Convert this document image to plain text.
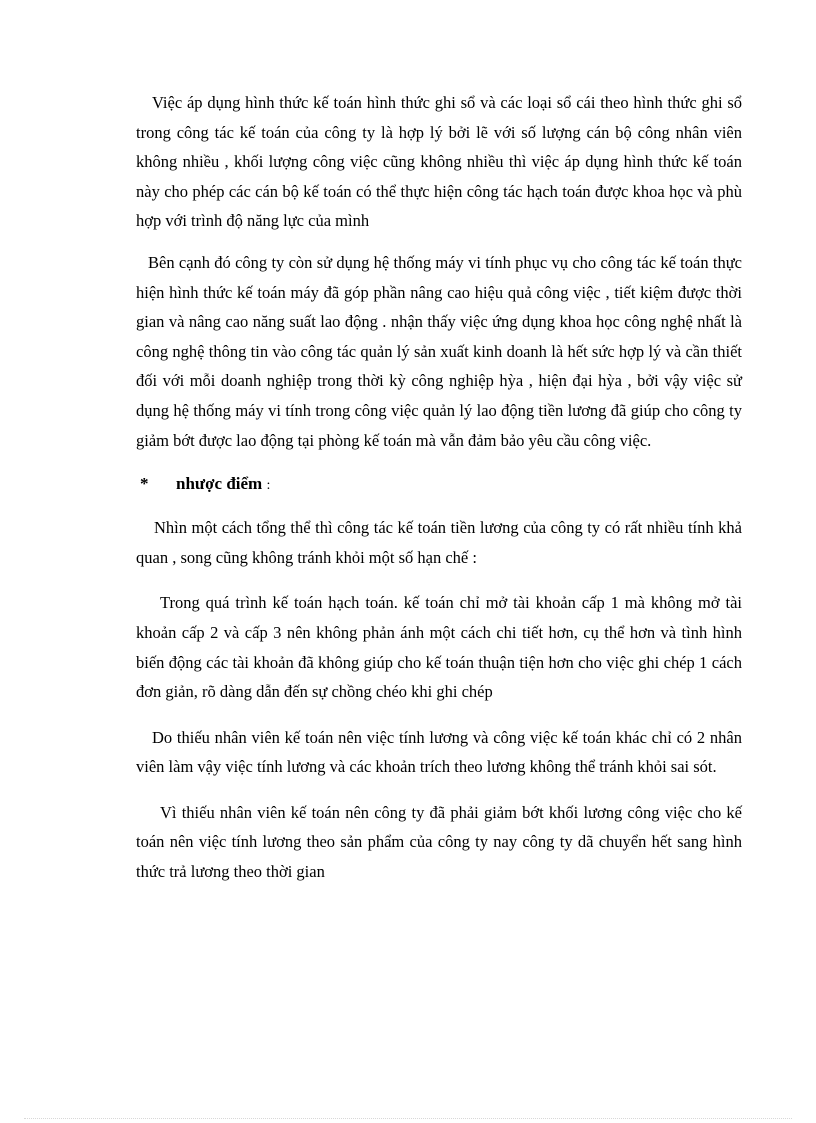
Việc áp dụng hình thức kế toán hình thức ghi sổ và các loại sổ cái theo hình thức ghi sổ trong công tác kế toán của công ty là hợp lý bởi lẽ với số lượng cán bộ công nhân viên không nhiều , khối lượng công việc cũng không nhiều thì việc áp dụng hình thức kế toán này cho phép các cán bộ kế toán có thể thực hiện công tác hạch toán được khoa học và phù hợp với trình độ năng lực của mình

Bên cạnh đó công ty còn sử dụng hệ thống máy vi tính phục vụ cho công tác kế toán thực hiện hình thức kế toán máy đã góp phần nâng cao hiệu quả công việc , tiết kiệm được thời gian và nâng cao năng suất lao động . nhận thấy việc ứng dụng khoa học công nghệ nhất là công nghệ thông tin vào công tác quản lý sản xuất kinh doanh là hết sức hợp lý và cần thiết đối với mỗi doanh nghiệp trong thời kỳ công nghiệp hỳa , hiện đại hỳa , bởi vậy việc sử dụng hệ thống máy vi tính trong công việc quản lý lao động tiền lương đã giúp cho công ty giảm bớt được lao động tại phòng kế toán mà vẫn đảm bảo yêu cầu công việc.

* nhược điểm :

Nhìn một cách tổng thể thì công tác kế toán tiền lương của công ty có rất nhiều tính khả quan , song cũng không tránh khỏi một số hạn chế :

Trong quá trình kế toán hạch toán. kế toán chỉ mở tài khoản cấp 1 mà không mở tài khoản cấp 2 và cấp 3 nên không phản ánh một cách chi tiết hơn, cụ thể hơn và tình hình biến động các tài khoản đã không giúp cho kế toán thuận tiện hơn cho việc ghi chép 1 cách đơn giản, rõ dàng dẫn đến sự chồng chéo khi ghi chép

Do thiếu nhân viên kế toán nên việc tính lương và công việc kế toán khác chỉ có 2 nhân viên làm vậy việc tính lương và các khoản trích theo lương không thể tránh khỏi sai sót.

Vì thiếu nhân viên kế toán nên công ty đã phải giảm bớt khối lương công việc cho kế toán nên việc tính lương theo sản phẩm của công ty nay công ty dã chuyển hết sang hình thức trả lương theo thời gian
